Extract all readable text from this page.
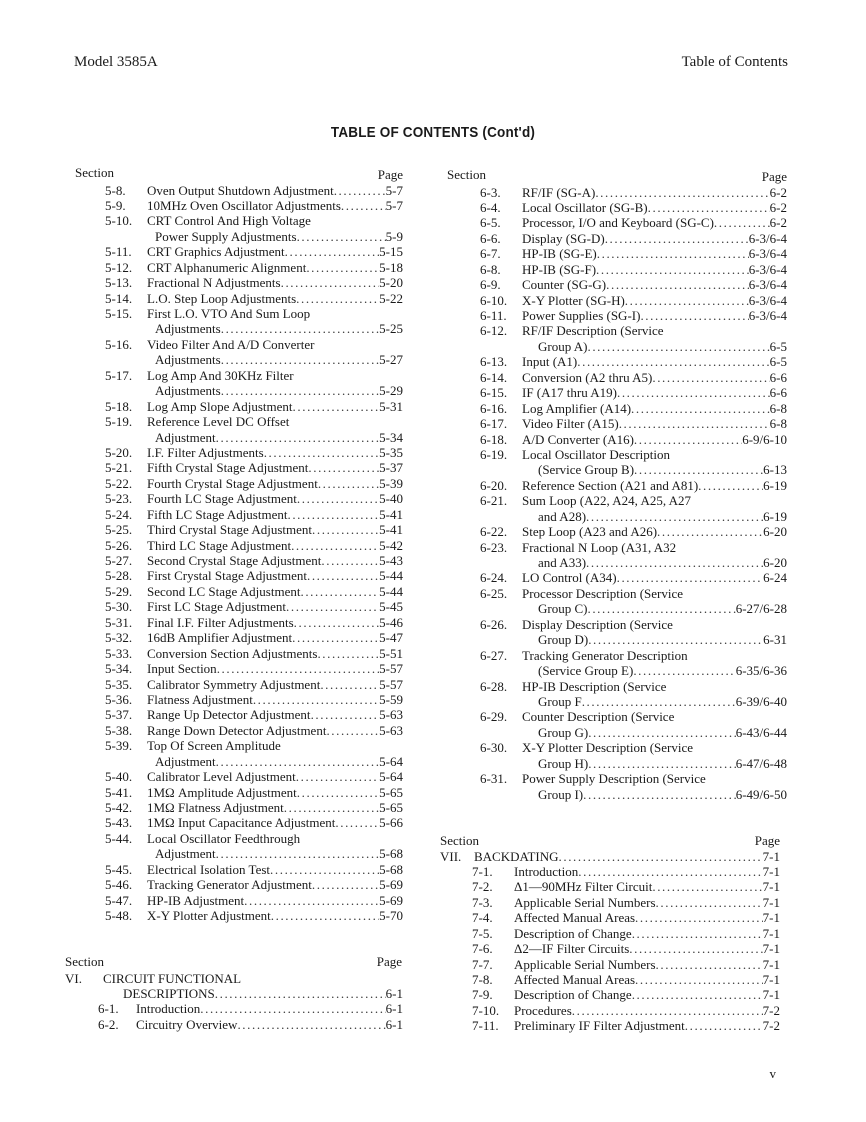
Model 3585A	Table of Contents
TABLE OF CONTENTS (Cont'd)
Section	Page
5-8.	Oven Output Shutdown Adjustment .....	5-7
5-9.	10MHz Oven Oscillator Adjustments .....	5-7
5-10.	CRT Control And High Voltage
Power Supply Adjustments .....	5-9
5-11.	CRT Graphics Adjustment .....	5-15
5-12.	CRT Alphanumeric Alignment .....	5-18
5-13.	Fractional N Adjustments .....	5-20
5-14.	L.O. Step Loop Adjustments .....	5-22
5-15.	First L.O. VTO And Sum Loop
Adjustments .....	5-25
5-16.	Video Filter And A/D Converter
Adjustments .....	5-27
5-17.	Log Amp And 30KHz Filter
Adjustments .....	5-29
5-18.	Log Amp Slope Adjustment .....	5-31
5-19.	Reference Level DC Offset
Adjustment .....	5-34
5-20.	I.F. Filter Adjustments .....	5-35
5-21.	Fifth Crystal Stage Adjustment .....	5-37
5-22.	Fourth Crystal Stage Adjustment .....	5-39
5-23.	Fourth LC Stage Adjustment .....	5-40
5-24.	Fifth LC Stage Adjustment .....	5-41
5-25.	Third Crystal Stage Adjustment .....	5-41
5-26.	Third LC Stage Adjustment .....	5-42
5-27.	Second Crystal Stage Adjustment .....	5-43
5-28.	First Crystal Stage Adjustment .....	5-44
5-29.	Second LC Stage Adjustment .....	5-44
5-30.	First LC Stage Adjustment .....	5-45
5-31.	Final I.F. Filter Adjustments .....	5-46
5-32.	16dB Amplifier Adjustment .....	5-47
5-33.	Conversion Section Adjustments .....	5-51
5-34.	Input Section .....	5-57
5-35.	Calibrator Symmetry Adjustment .....	5-57
5-36.	Flatness Adjustment .....	5-59
5-37.	Range Up Detector Adjustment .....	5-63
5-38.	Range Down Detector Adjustment .....	5-63
5-39.	Top Of Screen Amplitude
Adjustment .....	5-64
5-40.	Calibrator Level Adjustment .....	5-64
5-41.	1MΩ Amplitude Adjustment .....	5-65
5-42.	1MΩ Flatness Adjustment .....	5-65
5-43.	1MΩ Input Capacitance Adjustment .....	5-66
5-44.	Local Oscillator Feedthrough
Adjustment .....	5-68
5-45.	Electrical Isolation Test .....	5-68
5-46.	Tracking Generator Adjustment .....	5-69
5-47.	HP-IB Adjustment .....	5-69
5-48.	X-Y Plotter Adjustment .....	5-70
Section	Page
VI.	CIRCUIT FUNCTIONAL
DESCRIPTIONS .....	6-1
6-1.	Introduction .....	6-1
6-2.	Circuitry Overview .....	6-1
Section	Page
6-3.	RF/IF (SG-A) .....	6-2
6-4.	Local Oscillator (SG-B) .....	6-2
6-5.	Processor, I/O and Keyboard (SG-C) .....	6-2
6-6.	Display (SG-D) .....	6-3/6-4
6-7.	HP-IB (SG-E) .....	6-3/6-4
6-8.	HP-IB (SG-F) .....	6-3/6-4
6-9.	Counter (SG-G) .....	6-3/6-4
6-10.	X-Y Plotter (SG-H) .....	6-3/6-4
6-11.	Power Supplies (SG-I) .....	6-3/6-4
6-12.	RF/IF Description (Service
Group A) .....	6-5
6-13.	Input (A1) .....	6-5
6-14.	Conversion (A2 thru A5) .....	6-6
6-15.	IF (A17 thru A19) .....	6-6
6-16.	Log Amplifier (A14) .....	6-8
6-17.	Video Filter (A15) .....	6-8
6-18.	A/D Converter (A16) .....	6-9/6-10
6-19.	Local Oscillator Description
(Service Group B) .....	6-13
6-20.	Reference Section (A21 and A81) .....	6-19
6-21.	Sum Loop (A22, A24, A25, A27
and A28) .....	6-19
6-22.	Step Loop (A23 and A26) .....	6-20
6-23.	Fractional N Loop (A31, A32
and A33) .....	6-20
6-24.	LO Control (A34) .....	6-24
6-25.	Processor Description (Service
Group C) .....	6-27/6-28
6-26.	Display Description (Service
Group D) .....	6-31
6-27.	Tracking Generator Description
(Service Group E) .....	6-35/6-36
6-28.	HP-IB Description (Service
Group F .....	6-39/6-40
6-29.	Counter Description (Service
Group G) .....	6-43/6-44
6-30.	X-Y Plotter Description (Service
Group H) .....	6-47/6-48
6-31.	Power Supply Description (Service
Group I) .....	6-49/6-50
Section	Page
VII. BACKDATING .....	7-1
7-1.	Introduction .....	7-1
7-2.	Δ1—90MHz Filter Circuit .....	7-1
7-3.	Applicable Serial Numbers .....	7-1
7-4.	Affected Manual Areas .....	7-1
7-5.	Description of Change .....	7-1
7-6.	Δ2—IF Filter Circuits .....	7-1
7-7.	Applicable Serial Numbers .....	7-1
7-8.	Affected Manual Areas .....	7-1
7-9.	Description of Change .....	7-1
7-10.	Procedures .....	7-2
7-11.	Preliminary IF Filter Adjustment .....	7-2
v
